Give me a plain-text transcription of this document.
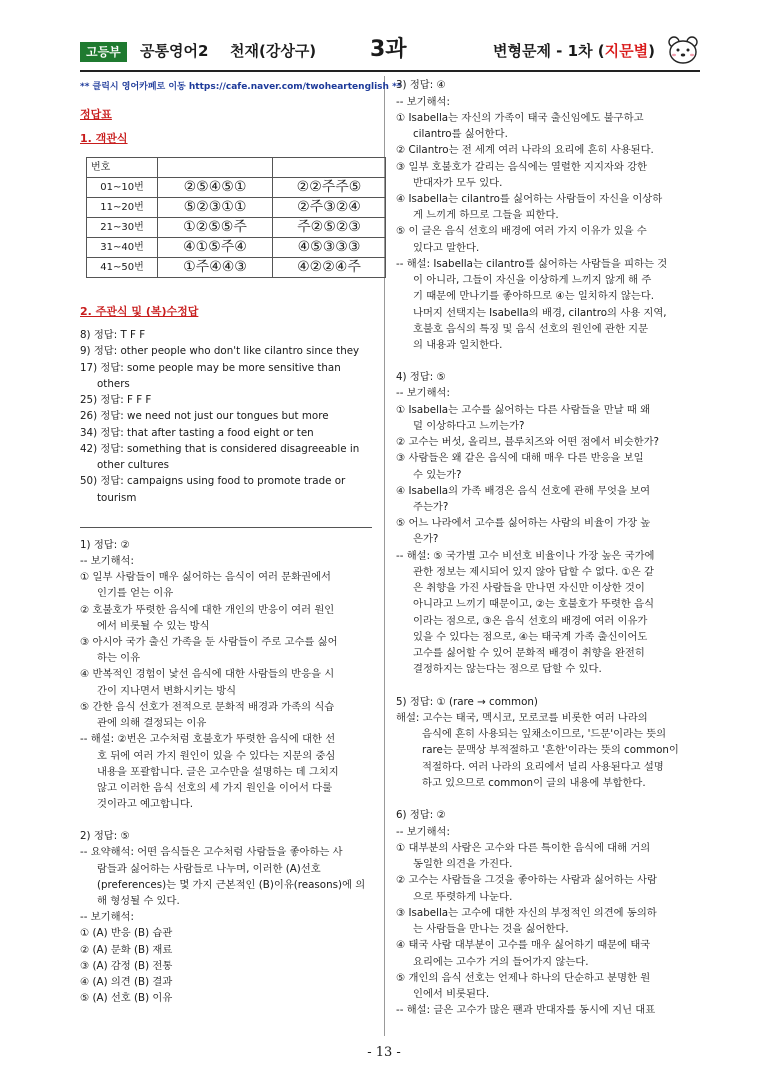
고등부	공통영어2 천재(강상구) 3과	변형문제 - 1차 (지문별)
** 클릭시 영어카페로 이동 https://cafe.naver.com/twoheartenglish **
정답표
1. 객관식
번호		
01~10번	②⑤④⑤①	②②주주⑤
11~20번	⑤②③①①	②주③②④
21~30번	①②⑤⑤주	주②⑤②③
31~40번	④①⑤주④	④⑤③③③
41~50번	①주④④③	④②②④주
2. 주관식 및 (복)수정답
8) 정답: T F F
9) 정답: other people who don't like cilantro since they
17) 정답: some people may be more sensitive than
others
25) 정답: F F F
26) 정답: we need not just our tongues but more
34) 정답: that after tasting a food eight or ten
42) 정답: something that is considered disagreeable in
other cultures
50) 정답: campaigns using food to promote trade or
tourism
1) 정답: ②
-- 보기해석:
① 일부 사람들이 매우 싫어하는 음식이 여러 문화권에서
인기를 얻는 이유
② 호불호가 뚜렷한 음식에 대한 개인의 반응이 여러 원인
에서 비롯될 수 있는 방식
③ 아시아 국가 출신 가족을 둔 사람들이 주로 고수를 싫어
하는 이유
④ 반복적인 경험이 낯선 음식에 대한 사람들의 반응을 시
간이 지나면서 변화시키는 방식
⑤ 간한 음식 선호가 전적으로 문화적 배경과 가족의 식습
관에 의해 결정되는 이유
-- 해설: ②번은 고수처럼 호불호가 뚜렷한 음식에 대한 선
호 뒤에 여러 가지 원인이 있을 수 있다는 지문의 중심
내용을 포괄합니다. 글은 고수만을 설명하는 데 그치지
않고 이러한 음식 선호의 세 가지 원인을 이어서 다룰
것이라고 예고합니다.
2) 정답: ⑤
-- 요약해석: 어떤 음식들은 고수처럼 사람들을 좋아하는 사
람들과 싫어하는 사람들로 나누며, 이러한 (A)선호
(preferences)는 몇 가지 근본적인 (B)이유(reasons)에 의
해 형성될 수 있다.
-- 보기해석:
① (A) 반응 (B) 습관
② (A) 문화 (B) 재료
③ (A) 감정 (B) 전통
④ (A) 의견 (B) 결과
⑤ (A) 선호 (B) 이유
3) 정답: ④
-- 보기해석:
① Isabella는 자신의 가족이 태국 출신임에도 불구하고
cilantro를 싫어한다.
② Cilantro는 전 세계 여러 나라의 요리에 흔히 사용된다.
③ 일부 호불호가 갈리는 음식에는 열렬한 지지자와 강한
반대자가 모두 있다.
④ Isabella는 cilantro를 싫어하는 사람들이 자신을 이상하
게 느끼게 하므로 그들을 피한다.
⑤ 이 글은 음식 선호의 배경에 여러 가지 이유가 있을 수
있다고 말한다.
-- 해설: Isabella는 cilantro를 싫어하는 사람들을 피하는 것
이 아니라, 그들이 자신을 이상하게 느끼지 않게 해 주
기 때문에 만나기를 좋아하므로 ④는 일치하지 않는다.
나머지 선택지는 Isabella의 배경, cilantro의 사용 지역,
호불호 음식의 특징 및 음식 선호의 원인에 관한 지문
의 내용과 일치한다.
4) 정답: ⑤
-- 보기해석:
① Isabella는 고수를 싫어하는 다른 사람들을 만날 때 왜
덜 이상하다고 느끼는가?
② 고수는 버섯, 올리브, 블루치즈와 어떤 점에서 비슷한가?
③ 사람들은 왜 같은 음식에 대해 매우 다른 반응을 보일
수 있는가?
④ Isabella의 가족 배경은 음식 선호에 관해 무엇을 보여
주는가?
⑤ 어느 나라에서 고수를 싫어하는 사람의 비율이 가장 높
은가?
-- 해설: ⑤ 국가별 고수 비선호 비율이나 가장 높은 국가에
관한 정보는 제시되어 있지 않아 답할 수 없다. ①은 같
은 취향을 가진 사람들을 만나면 자신만 이상한 것이
아니라고 느끼기 때문이고, ②는 호불호가 뚜렷한 음식
이라는 점으로, ③은 음식 선호의 배경에 여러 이유가
있을 수 있다는 점으로, ④는 태국계 가족 출신이어도
고수를 싫어할 수 있어 문화적 배경이 취향을 완전히
결정하지는 않는다는 점으로 답할 수 있다.
5) 정답: ① (rare → common)
해설: 고수는 태국, 멕시코, 모로코를 비롯한 여러 나라의
음식에 흔히 사용되는 잎채소이므로, '드문'이라는 뜻의
rare는 문맥상 부적절하고 '흔한'이라는 뜻의 common이
적절하다. 여러 나라의 요리에서 널리 사용된다고 설명
하고 있으므로 common이 글의 내용에 부합한다.
6) 정답: ②
-- 보기해석:
① 대부분의 사람은 고수와 다른 특이한 음식에 대해 거의
동일한 의견을 가진다.
② 고수는 사람들을 그것을 좋아하는 사람과 싫어하는 사람
으로 뚜렷하게 나눈다.
③ Isabella는 고수에 대한 자신의 부정적인 의견에 동의하
는 사람들을 만나는 것을 싫어한다.
④ 태국 사람 대부분이 고수를 매우 싫어하기 때문에 태국
요리에는 고수가 거의 들어가지 않는다.
⑤ 개인의 음식 선호는 언제나 하나의 단순하고 분명한 원
인에서 비롯된다.
-- 해설: 글은 고수가 많은 팬과 반대자를 동시에 지닌 대표
- 13 -
